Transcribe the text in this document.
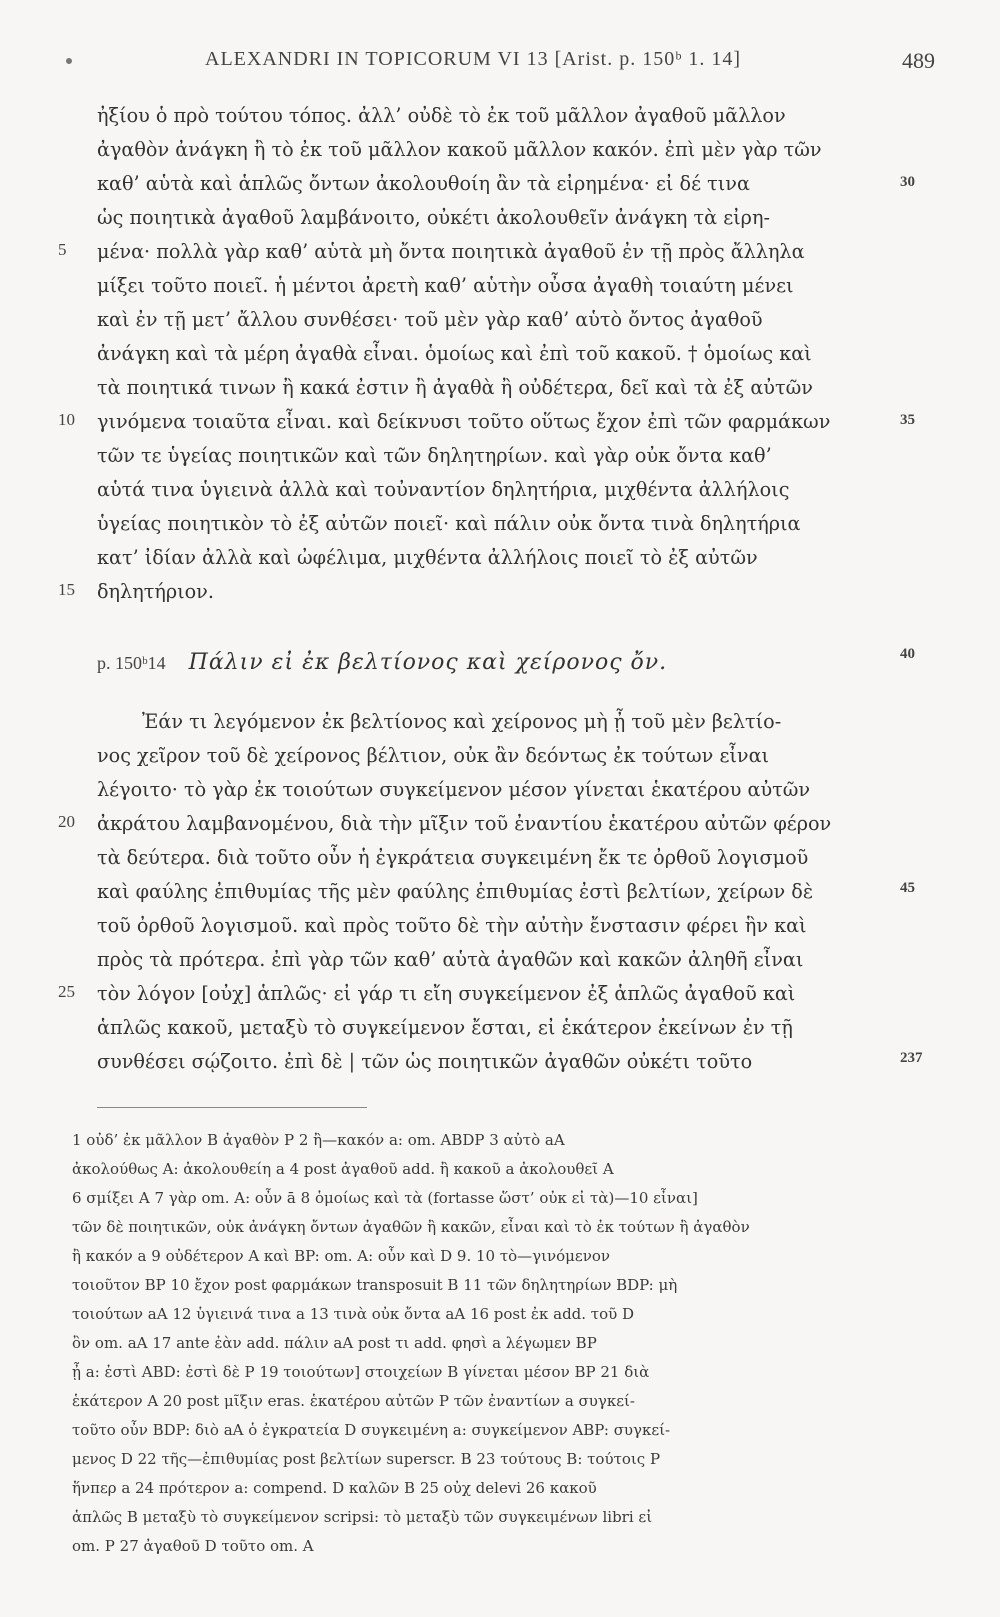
ALEXANDRI IN TOPICORUM VI 13 [Arist. p. 150ᵇ 1. 14]	489
ἠξίου ὁ πρὸ τούτου τόπος. ἀλλ’ οὐδὲ τὸ ἐκ τοῦ μᾶλλον ἀγαθοῦ μᾶλλον
ἀγαθὸν ἀνάγκη ἢ τὸ ἐκ τοῦ μᾶλλον κακοῦ μᾶλλον κακόν. ἐπὶ μὲν γὰρ τῶν
καθ’ αὑτὰ καὶ ἁπλῶς ὄντων ἀκολουθοίη ἂν τὰ εἰρημένα· εἰ δέ τινα
ὡς ποιητικὰ ἀγαθοῦ λαμβάνοιτο, οὐκέτι ἀκολουθεῖν ἀνάγκη τὰ εἰρη-
μένα· πολλὰ γὰρ καθ’ αὑτὰ μὴ ὄντα ποιητικὰ ἀγαθοῦ ἐν τῇ πρὸς ἄλληλα
μίξει τοῦτο ποιεῖ. ἡ μέντοι ἀρετὴ καθ’ αὑτὴν οὖσα ἀγαθὴ τοιαύτη μένει
καὶ ἐν τῇ μετ’ ἄλλου συνθέσει· τοῦ μὲν γὰρ καθ’ αὑτὸ ὄντος ἀγαθοῦ
ἀνάγκη καὶ τὰ μέρη ἀγαθὰ εἶναι. ὁμοίως καὶ ἐπὶ τοῦ κακοῦ. † ὁμοίως καὶ
τὰ ποιητικά τινων ἢ κακά ἐστιν ἢ ἀγαθὰ ἢ οὐδέτερα, δεῖ καὶ τὰ ἐξ αὐτῶν
γινόμενα τοιαῦτα εἶναι. καὶ δείκνυσι τοῦτο οὕτως ἔχον ἐπὶ τῶν φαρμάκων
τῶν τε ὑγείας ποιητικῶν καὶ τῶν δηλητηρίων. καὶ γὰρ οὐκ ὄντα καθ’
αὑτά τινα ὑγιεινὰ ἀλλὰ καὶ τοὐναντίον δηλητήρια, μιχθέντα ἀλλήλοις
ὑγείας ποιητικὸν τὸ ἐξ αὐτῶν ποιεῖ· καὶ πάλιν οὐκ ὄντα τινὰ δηλητήρια
κατ’ ἰδίαν ἀλλὰ καὶ ὠφέλιμα, μιχθέντα ἀλλήλοις ποιεῖ τὸ ἐξ αὐτῶν
δηλητήριον.
p. 150ᵇ14 Πάλιν εἰ ἐκ βελτίονος καὶ χείρονος ὄν.
Ἐάν τι λεγόμενον ἐκ βελτίονος καὶ χείρονος μὴ ᾖ τοῦ μὲν βελτίο-
νος χεῖρον τοῦ δὲ χείρονος βέλτιον, οὐκ ἂν δεόντως ἐκ τούτων εἶναι
λέγοιτο· τὸ γὰρ ἐκ τοιούτων συγκείμενον μέσον γίνεται ἑκατέρου αὐτῶν
ἀκράτου λαμβανομένου, διὰ τὴν μῖξιν τοῦ ἐναντίου ἑκατέρου αὐτῶν φέρον
τὰ δεύτερα. διὰ τοῦτο οὖν ἡ ἐγκράτεια συγκειμένη ἔκ τε ὀρθοῦ λογισμοῦ
καὶ φαύλης ἐπιθυμίας τῆς μὲν φαύλης ἐπιθυμίας ἐστὶ βελτίων, χείρων δὲ
τοῦ ὀρθοῦ λογισμοῦ. καὶ πρὸς τοῦτο δὲ τὴν αὐτὴν ἔνστασιν φέρει ἣν καὶ
πρὸς τὰ πρότερα. ἐπὶ γὰρ τῶν καθ’ αὑτὰ ἀγαθῶν καὶ κακῶν ἀληθῆ εἶναι
τὸν λόγον [οὐχ] ἁπλῶς· εἰ γάρ τι εἴη συγκείμενον ἐξ ἁπλῶς ἀγαθοῦ καὶ
ἁπλῶς κακοῦ, μεταξὺ τὸ συγκείμενον ἔσται, εἰ ἑκάτερον ἐκείνων ἐν τῇ
συνθέσει σῴζοιτο. ἐπὶ δὲ | τῶν ὡς ποιητικῶν ἀγαθῶν οὐκέτι τοῦτο
5
10
15
20
25
30
35
40
45
237
1 οὐδ’ ἐκ μᾶλλον B ἀγαθὸν P 2 ἢ—κακόν a: om. ABDP 3 αὐτὸ aA
ἀκολούθως A: ἀκολουθείη a 4 post ἀγαθοῦ add. ἢ κακοῦ a ἀκολουθεῖ A
6 σμίξει A 7 γὰρ om. A: οὖν ā 8 ὁμοίως καὶ τὰ (fortasse ὥστ’ οὐκ εἰ τὰ)—10 εἶναι]
τῶν δὲ ποιητικῶν, οὐκ ἀνάγκη ὄντων ἀγαθῶν ἢ κακῶν, εἶναι καὶ τὸ ἐκ τούτων ἢ ἀγαθὸν
ἢ κακόν a 9 οὐδέτερον A καὶ BP: om. A: οὖν καὶ D 9. 10 τὸ—γινόμενον
τοιοῦτον BP 10 ἔχον post φαρμάκων transposuit B 11 τῶν δηλητηρίων BDP: μὴ
τοιούτων aA 12 ὑγιεινά τινα a 13 τινὰ οὐκ ὄντα aA 16 post ἐκ add. τοῦ D
ὂν om. aA 17 ante ἐὰν add. πάλιν aA post τι add. φησὶ a λέγωμεν BP
ᾖ a: ἐστὶ ABD: ἐστὶ δὲ P 19 τοιούτων] στοιχείων B γίνεται μέσον BP 21 διὰ
ἑκάτερον A 20 post μῖξιν eras. ἑκατέρου αὐτῶν P τῶν ἐναντίων a συγκεί-
τοῦτο οὖν BDP: διὸ aA ὁ ἐγκρατεία D συγκειμένη a: συγκείμενον ABP: συγκεί-
μενος D 22 τῆς—ἐπιθυμίας post βελτίων superscr. B 23 τούτους B: τούτοις P
ἥνπερ a 24 πρότερον a: compend. D καλῶν B 25 οὐχ delevi 26 κακοῦ
ἁπλῶς B μεταξὺ τὸ συγκείμενον scripsi: τὸ μεταξὺ τῶν συγκειμένων libri εἰ
om. P 27 ἀγαθοῦ D τοῦτο om. A
